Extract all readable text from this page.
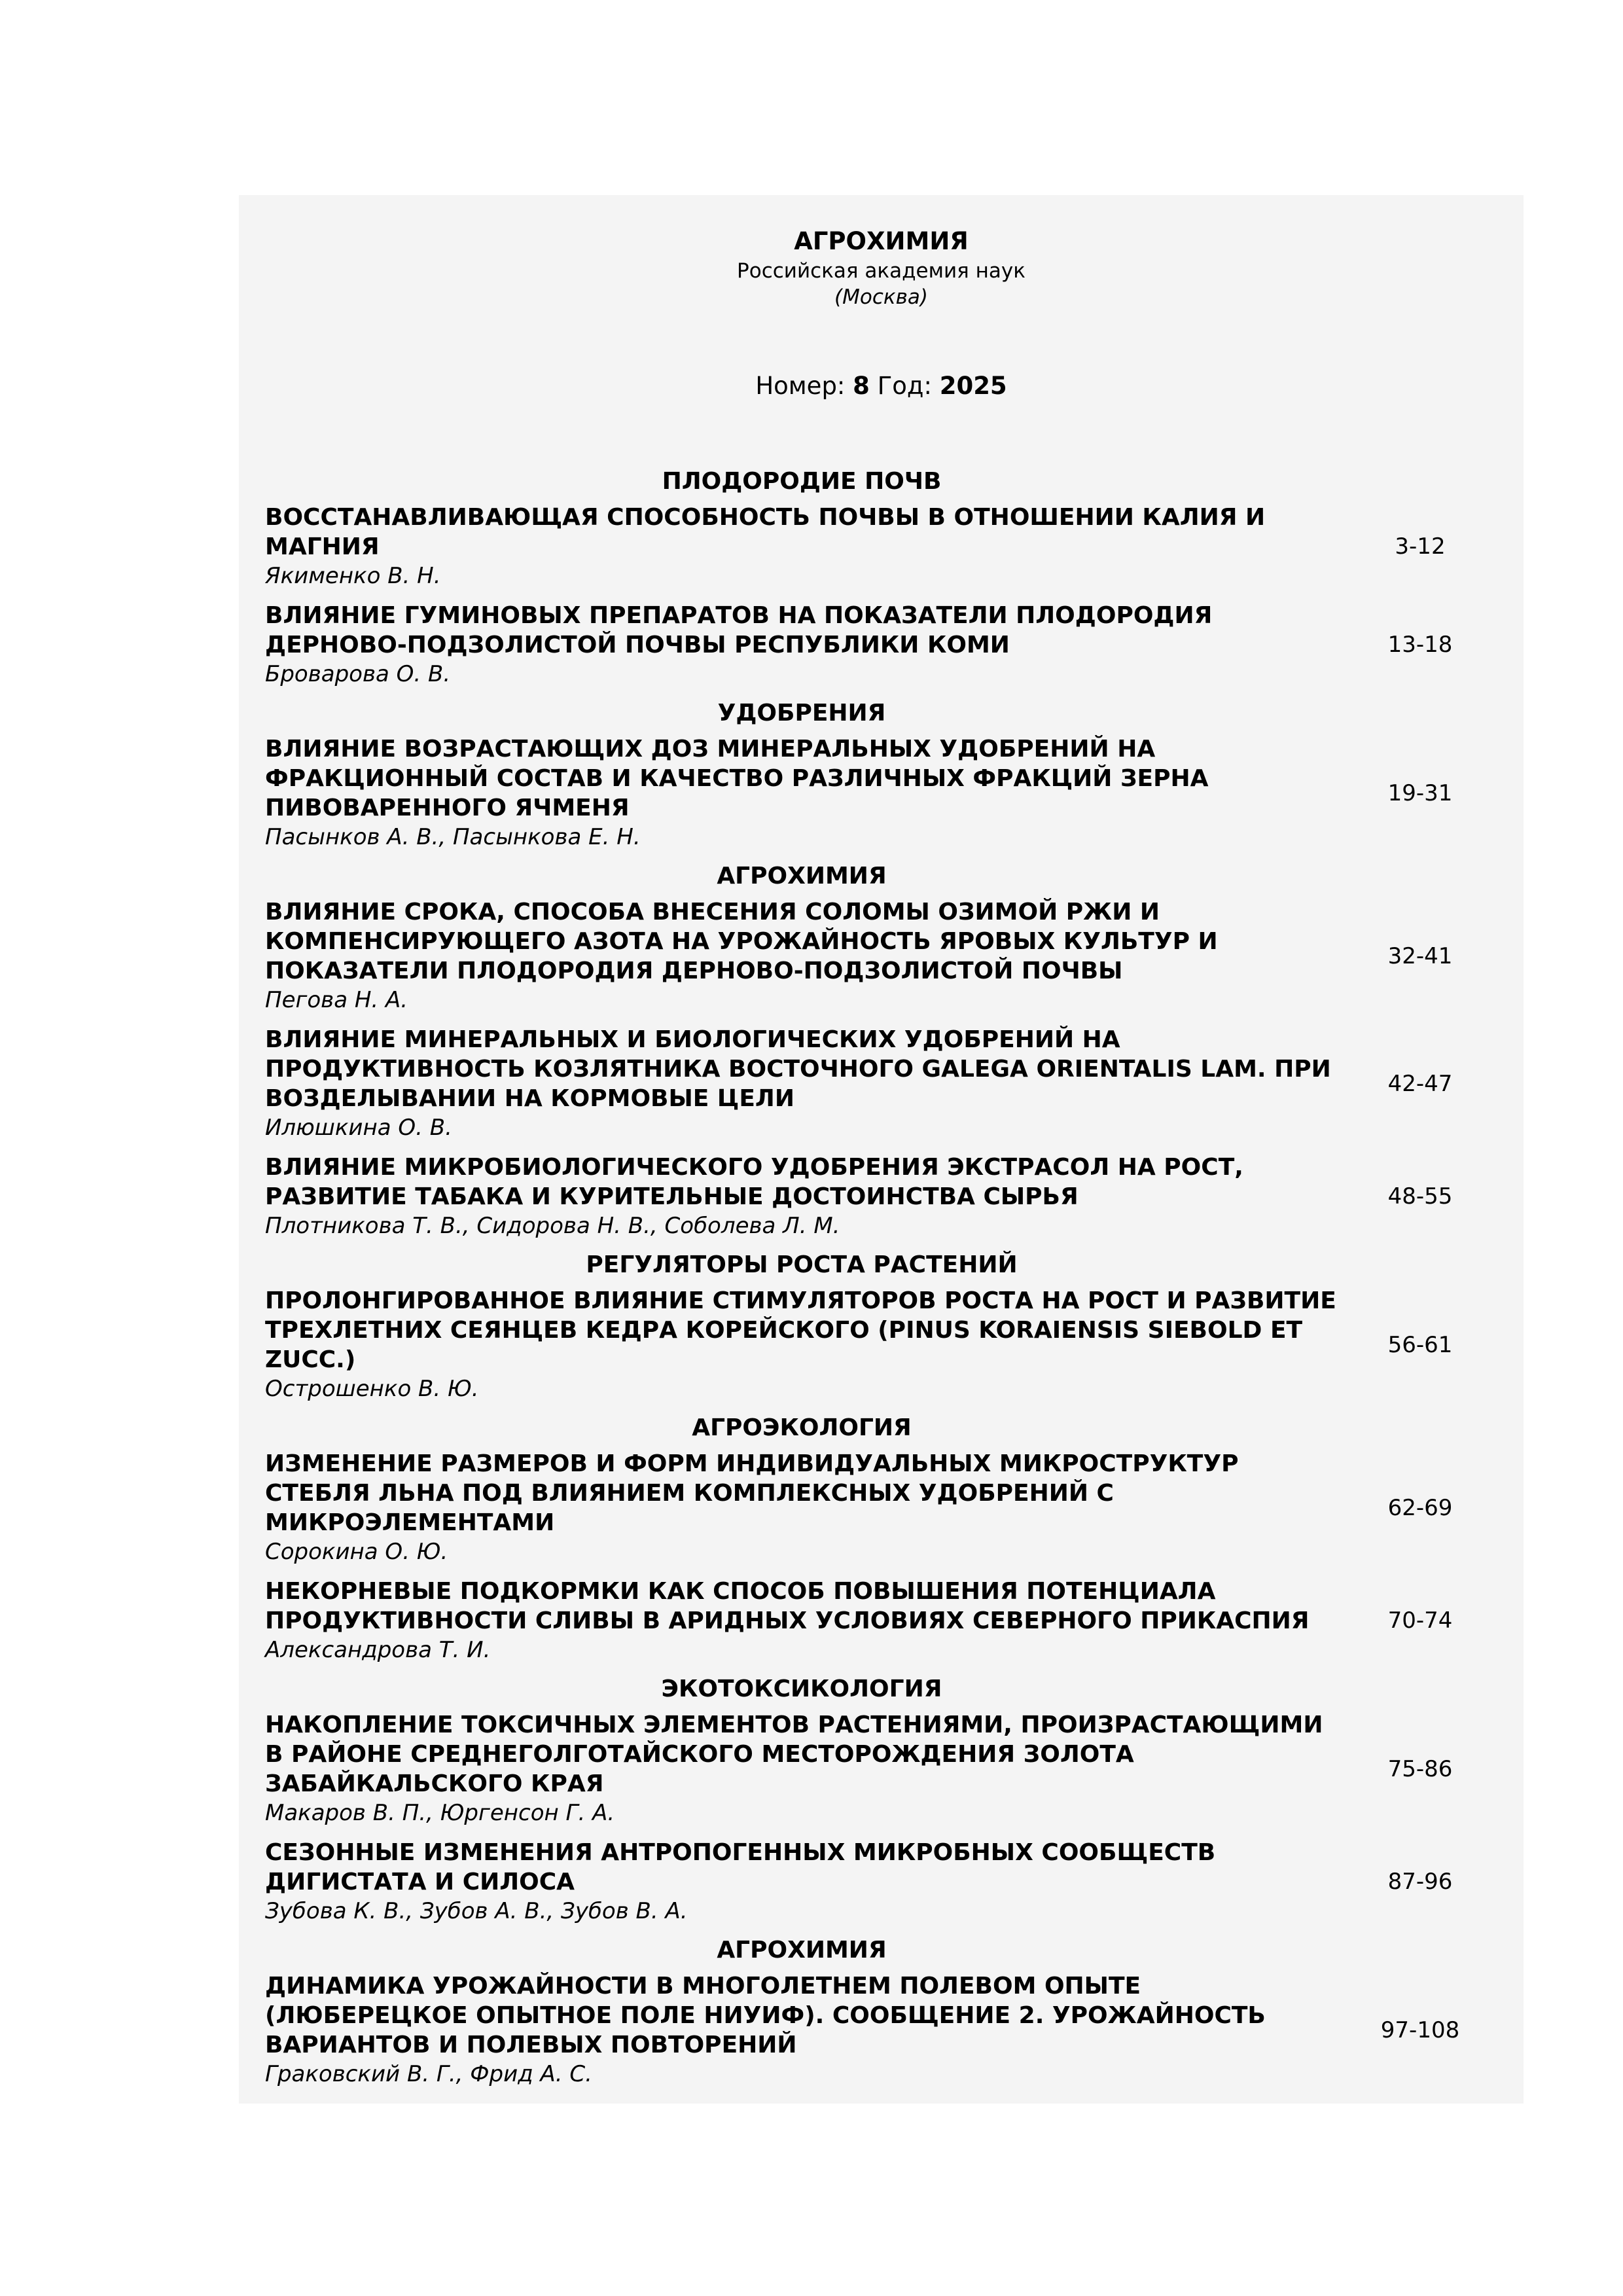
АГРОХИМИЯ
Российская академия наук
(Москва)
Номер: 8 Год: 2025
ПЛОДОРОДИЕ ПОЧВ
ВОССТАНАВЛИВАЮЩАЯ СПОСОБНОСТЬ ПОЧВЫ В ОТНОШЕНИИ КАЛИЯ И МАГНИЯ
Якименко В. Н.
3-12
ВЛИЯНИЕ ГУМИНОВЫХ ПРЕПАРАТОВ НА ПОКАЗАТЕЛИ ПЛОДОРОДИЯ ДЕРНОВО-ПОДЗОЛИСТОЙ ПОЧВЫ РЕСПУБЛИКИ КОМИ
Броварова О. В.
13-18
УДОБРЕНИЯ
ВЛИЯНИЕ ВОЗРАСТАЮЩИХ ДОЗ МИНЕРАЛЬНЫХ УДОБРЕНИЙ НА ФРАКЦИОННЫЙ СОСТАВ И КАЧЕСТВО РАЗЛИЧНЫХ ФРАКЦИЙ ЗЕРНА ПИВОВАРЕННОГО ЯЧМЕНЯ
Пасынков А. В., Пасынкова Е. Н.
19-31
АГРОХИМИЯ
ВЛИЯНИЕ СРОКА, СПОСОБА ВНЕСЕНИЯ СОЛОМЫ ОЗИМОЙ РЖИ И КОМПЕНСИРУЮЩЕГО АЗОТА НА УРОЖАЙНОСТЬ ЯРОВЫХ КУЛЬТУР И ПОКАЗАТЕЛИ ПЛОДОРОДИЯ ДЕРНОВО-ПОДЗОЛИСТОЙ ПОЧВЫ
Пегова Н. А.
32-41
ВЛИЯНИЕ МИНЕРАЛЬНЫХ И БИОЛОГИЧЕСКИХ УДОБРЕНИЙ НА ПРОДУКТИВНОСТЬ КОЗЛЯТНИКА ВОСТОЧНОГО GALEGA ORIENTALIS LAM. ПРИ ВОЗДЕЛЫВАНИИ НА КОРМОВЫЕ ЦЕЛИ
Илюшкина О. В.
42-47
ВЛИЯНИЕ МИКРОБИОЛОГИЧЕСКОГО УДОБРЕНИЯ ЭКСТРАСОЛ НА РОСТ, РАЗВИТИЕ ТАБАКА И КУРИТЕЛЬНЫЕ ДОСТОИНСТВА СЫРЬЯ
Плотникова Т. В., Сидорова Н. В., Соболева Л. М.
48-55
РЕГУЛЯТОРЫ РОСТА РАСТЕНИЙ
ПРОЛОНГИРОВАННОЕ ВЛИЯНИЕ СТИМУЛЯТОРОВ РОСТА НА РОСТ И РАЗВИТИЕ ТРЕХЛЕТНИХ СЕЯНЦЕВ КЕДРА КОРЕЙСКОГО (PINUS KORAIENSIS SIEBOLD ET ZUCC.)
Острошенко В. Ю.
56-61
АГРОЭКОЛОГИЯ
ИЗМЕНЕНИЕ РАЗМЕРОВ И ФОРМ ИНДИВИДУАЛЬНЫХ МИКРОСТРУКТУР СТЕБЛЯ ЛЬНА ПОД ВЛИЯНИЕМ КОМПЛЕКСНЫХ УДОБРЕНИЙ С МИКРОЭЛЕМЕНТАМИ
Сорокина О. Ю.
62-69
НЕКОРНЕВЫЕ ПОДКОРМКИ КАК СПОСОБ ПОВЫШЕНИЯ ПОТЕНЦИАЛА ПРОДУКТИВНОСТИ СЛИВЫ В АРИДНЫХ УСЛОВИЯХ СЕВЕРНОГО ПРИКАСПИЯ
Александрова Т. И.
70-74
ЭКОТОКСИКОЛОГИЯ
НАКОПЛЕНИЕ ТОКСИЧНЫХ ЭЛЕМЕНТОВ РАСТЕНИЯМИ, ПРОИЗРАСТАЮЩИМИ В РАЙОНЕ СРЕДНЕГОЛГОТАЙСКОГО МЕСТОРОЖДЕНИЯ ЗОЛОТА ЗАБАЙКАЛЬСКОГО КРАЯ
Макаров В. П., Юргенсон Г. А.
75-86
СЕЗОННЫЕ ИЗМЕНЕНИЯ АНТРОПОГЕННЫХ МИКРОБНЫХ СООБЩЕСТВ ДИГИСТАТА И СИЛОСА
Зубова К. В., Зубов А. В., Зубов В. А.
87-96
АГРОХИМИЯ
ДИНАМИКА УРОЖАЙНОСТИ В МНОГОЛЕТНЕМ ПОЛЕВОМ ОПЫТЕ (ЛЮБЕРЕЦКОЕ ОПЫТНОЕ ПОЛЕ НИУИФ). СООБЩЕНИЕ 2. УРОЖАЙНОСТЬ ВАРИАНТОВ И ПОЛЕВЫХ ПОВТОРЕНИЙ
Граковский В. Г., Фрид А. С.
97-108
